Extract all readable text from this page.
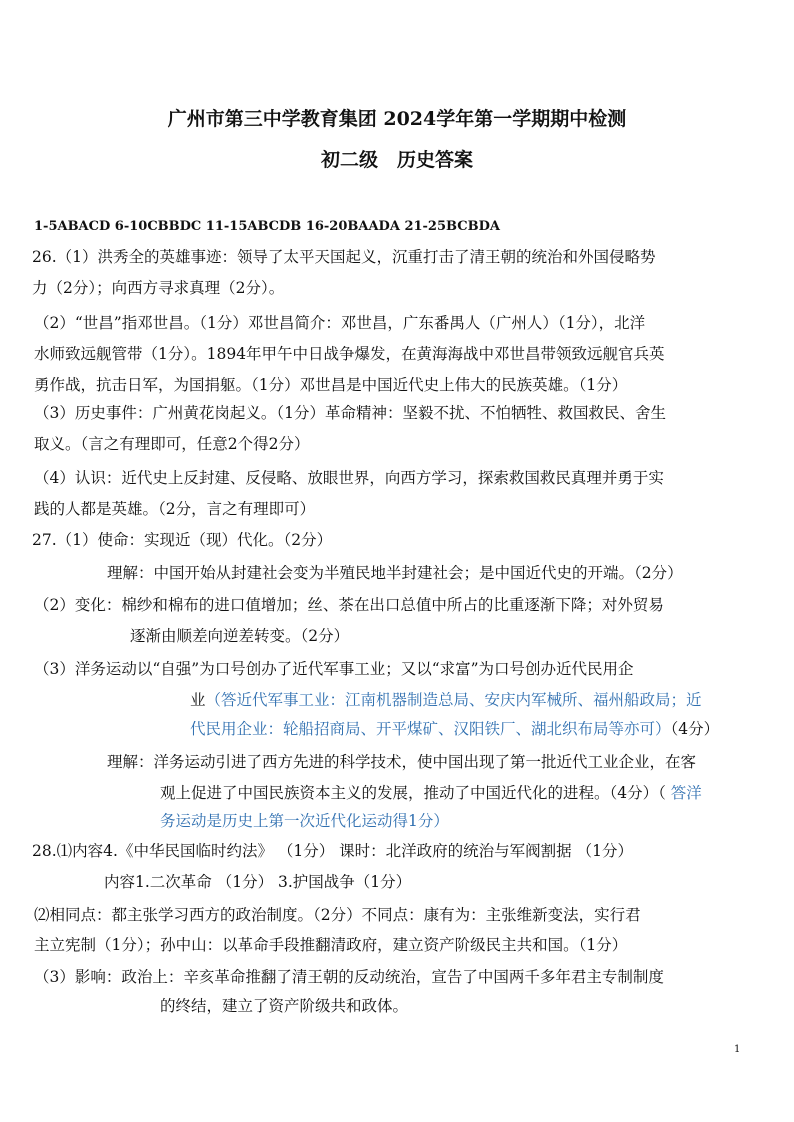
广州市第三中学教育集团 2024学年第一学期期中检测
初二级　历史答案
1-5ABACD 6-10CBBDC 11-15ABCDB 16-20BAADA 21-25BCBDA
26.（1）洪秀全的英雄事迹：领导了太平天国起义，沉重打击了清王朝的统治和外国侵略势
力（2分）；向西方寻求真理（2分）。
（2）“世昌”指邓世昌。（1分）邓世昌简介：邓世昌，广东番禺人（广州人）（1分），北洋
水师致远舰管带（1分）。1894年甲午中日战争爆发，在黄海海战中邓世昌带领致远舰官兵英
勇作战，抗击日军，为国捐躯。（1分）邓世昌是中国近代史上伟大的民族英雄。（1分）
（3）历史事件：广州黄花岗起义。（1分）革命精神：坚毅不扰、不怕牺牲、救国救民、舍生
取义。（言之有理即可，任意2个得2分）
（4）认识：近代史上反封建、反侵略、放眼世界，向西方学习，探索救国救民真理并勇于实
践的人都是英雄。（2分，言之有理即可）
27.（1）使命：实现近（现）代化。（2分）
理解：中国开始从封建社会变为半殖民地半封建社会；是中国近代史的开端。（2分）
（2）变化：棉纱和棉布的进口值增加；丝、茶在出口总值中所占的比重逐渐下降；对外贸易
逐渐由顺差向逆差转变。（2分）
（3）洋务运动以“自强”为口号创办了近代军事工业；又以“求富”为口号创办近代民用企
业（答近代军事工业：江南机器制造总局、安庆内军械所、福州船政局；近
代民用企业：轮船招商局、开平煤矿、汉阳铁厂、湖北织布局等亦可）（4分）
理解：洋务运动引进了西方先进的科学技术，使中国出现了第一批近代工业企业，在客
观上促进了中国民族资本主义的发展，推动了中国近代化的进程。（4分）（ 答洋
务运动是历史上第一次近代化运动得1分）
28.⑴内容4.《中华民国临时约法》 （1分） 课时：北洋政府的统治与军阀割据 （1分）
内容1.二次革命 （1分） 3.护国战争（1分）
⑵相同点：都主张学习西方的政治制度。（2分）不同点：康有为：主张维新变法，实行君
主立宪制（1分）；孙中山：以革命手段推翻清政府，建立资产阶级民主共和国。（1分）
（3）影响：政治上：辛亥革命推翻了清王朝的反动统治，宣告了中国两千多年君主专制制度
的终结，建立了资产阶级共和政体。
1
